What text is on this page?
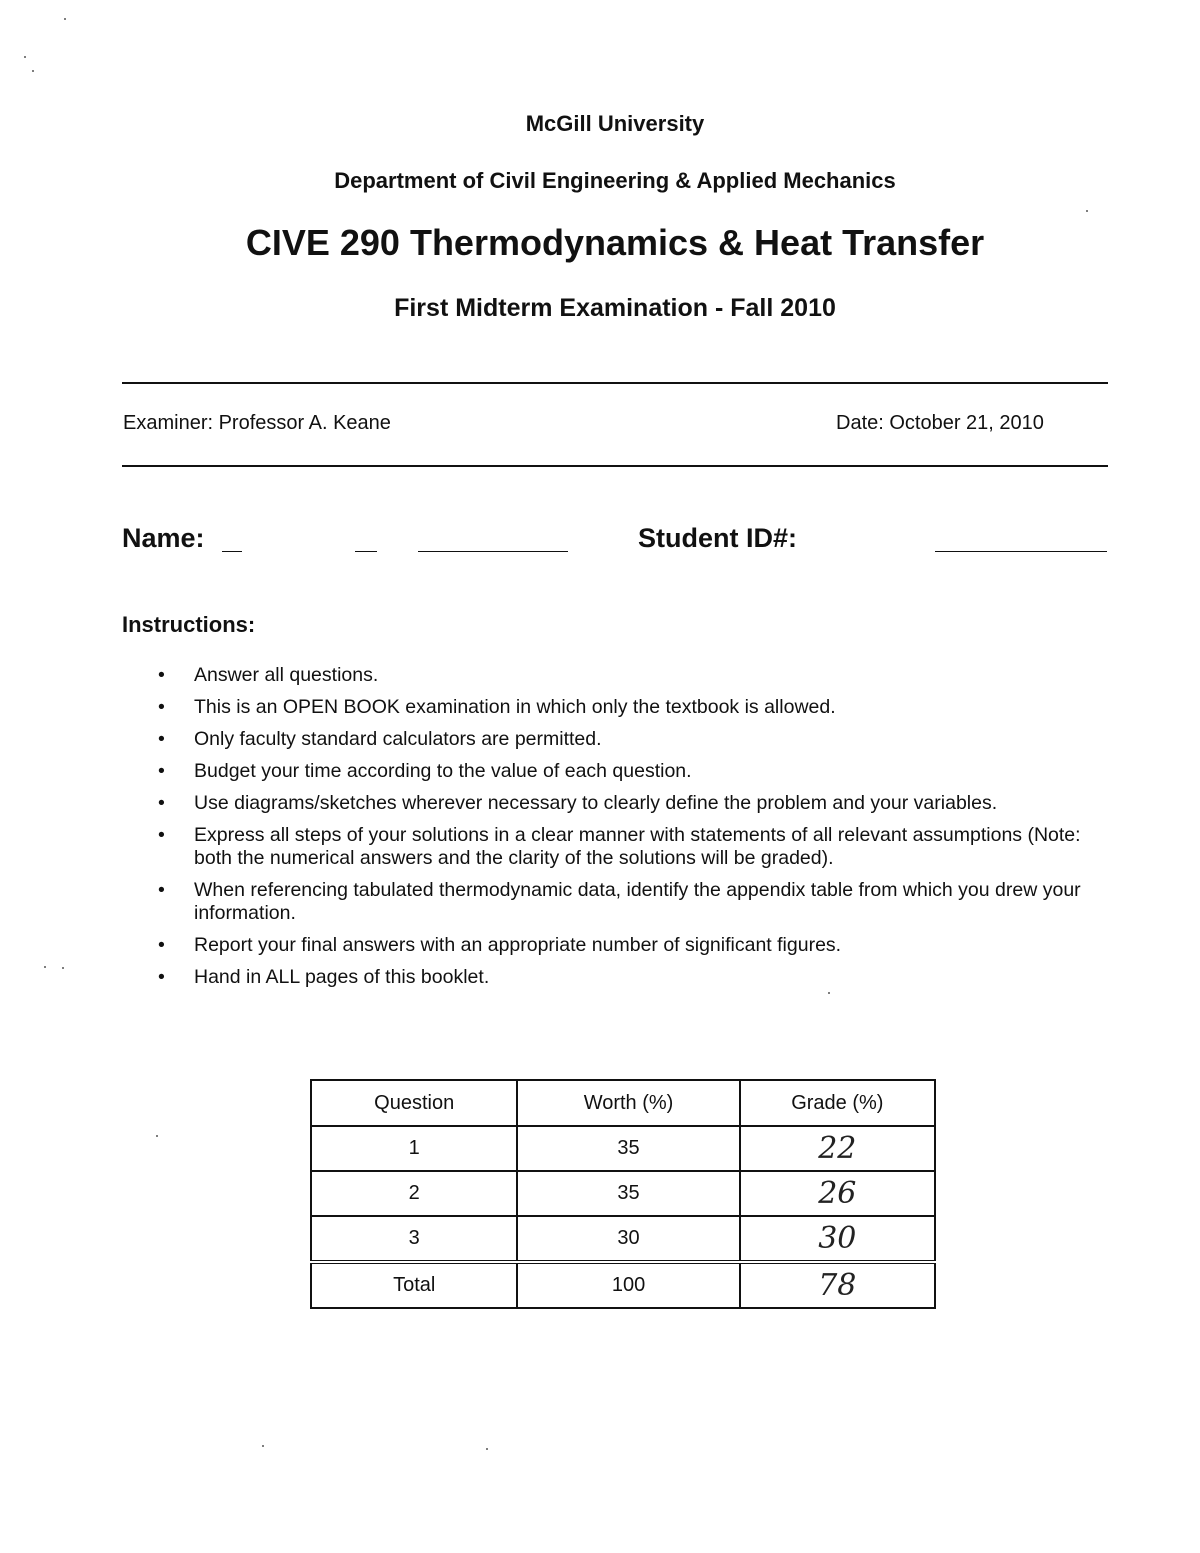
McGill University
Department of Civil Engineering & Applied Mechanics
CIVE 290 Thermodynamics & Heat Transfer
First Midterm Examination - Fall 2010
Examiner: Professor A. Keane	Date: October 21, 2010
Name:	Student ID#:
Instructions:
• Answer all questions.
• This is an OPEN BOOK examination in which only the textbook is allowed.
• Only faculty standard calculators are permitted.
• Budget your time according to the value of each question.
• Use diagrams/sketches wherever necessary to clearly define the problem and your variables.
• Express all steps of your solutions in a clear manner with statements of all relevant assumptions (Note: both the numerical answers and the clarity of the solutions will be graded).
• When referencing tabulated thermodynamic data, identify the appendix table from which you drew your information.
• Report your final answers with an appropriate number of significant figures.
• Hand in ALL pages of this booklet.
Question	Worth (%)	Grade (%)
1	35	22
2	35	26
3	30	30
Total	100	78
